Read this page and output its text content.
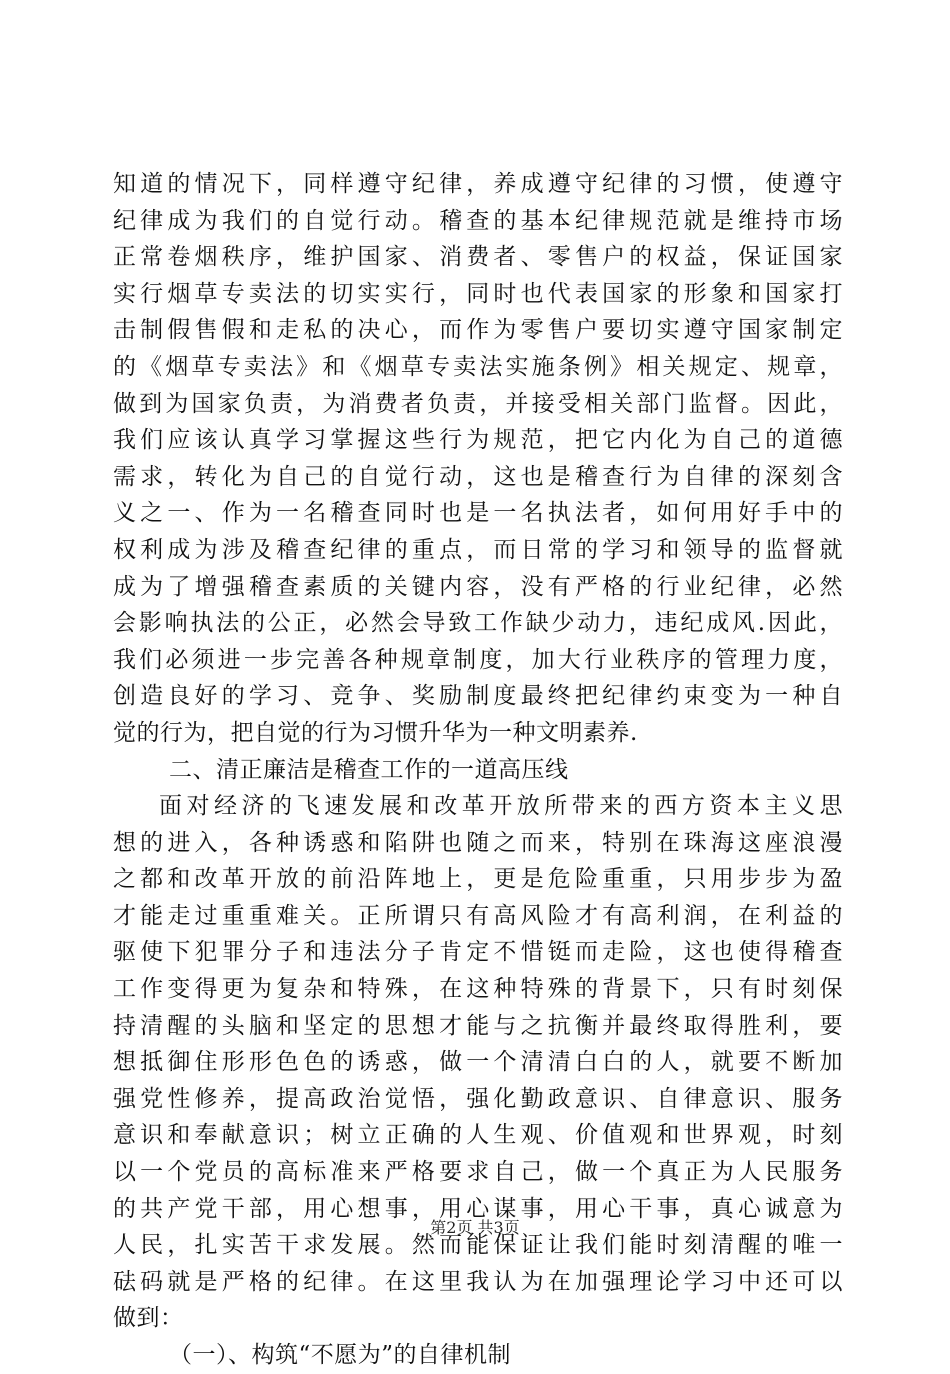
知道的情况下，同样遵守纪律，养成遵守纪律的习惯，使遵守
纪律成为我们的自觉行动。稽查的基本纪律规范就是维持市场
正常卷烟秩序，维护国家、消费者、零售户的权益，保证国家
实行烟草专卖法的切实实行，同时也代表国家的形象和国家打
击制假售假和走私的决心，而作为零售户要切实遵守国家制定
的《烟草专卖法》和《烟草专卖法实施条例》相关规定、规章，
做到为国家负责，为消费者负责，并接受相关部门监督。因此，
我们应该认真学习掌握这些行为规范，把它内化为自己的道德
需求，转化为自己的自觉行动，这也是稽查行为自律的深刻含
义之一、作为一名稽查同时也是一名执法者，如何用好手中的
权利成为涉及稽查纪律的重点，而日常的学习和领导的监督就
成为了增强稽查素质的关键内容，没有严格的行业纪律，必然
会影响执法的公正，必然会导致工作缺少动力，违纪成风.因此，
我们必须进一步完善各种规章制度，加大行业秩序的管理力度，
创造良好的学习、竞争、奖励制度最终把纪律约束变为一种自
觉的行为，把自觉的行为习惯升华为一种文明素养.
二、清正廉洁是稽查工作的一道高压线
面对经济的飞速发展和改革开放所带来的西方资本主义思
想的进入，各种诱惑和陷阱也随之而来，特别在珠海这座浪漫
之都和改革开放的前沿阵地上，更是危险重重，只用步步为盈
才能走过重重难关。正所谓只有高风险才有高利润，在利益的
驱使下犯罪分子和违法分子肯定不惜铤而走险，这也使得稽查
工作变得更为复杂和特殊，在这种特殊的背景下，只有时刻保
持清醒的头脑和坚定的思想才能与之抗衡并最终取得胜利，要
想抵御住形形色色的诱惑，做一个清清白白的人，就要不断加
强党性修养，提高政治觉悟，强化勤政意识、自律意识、服务
意识和奉献意识；树立正确的人生观、价值观和世界观，时刻
以一个党员的高标准来严格要求自己，做一个真正为人民服务
的共产党干部，用心想事，用心谋事，用心干事，真心诚意为
人民，扎实苦干求发展。然而能保证让我们能时刻清醒的唯一
砝码就是严格的纪律。在这里我认为在加强理论学习中还可以
做到：
（一）、构筑“不愿为”的自律机制
第2页 共3页
